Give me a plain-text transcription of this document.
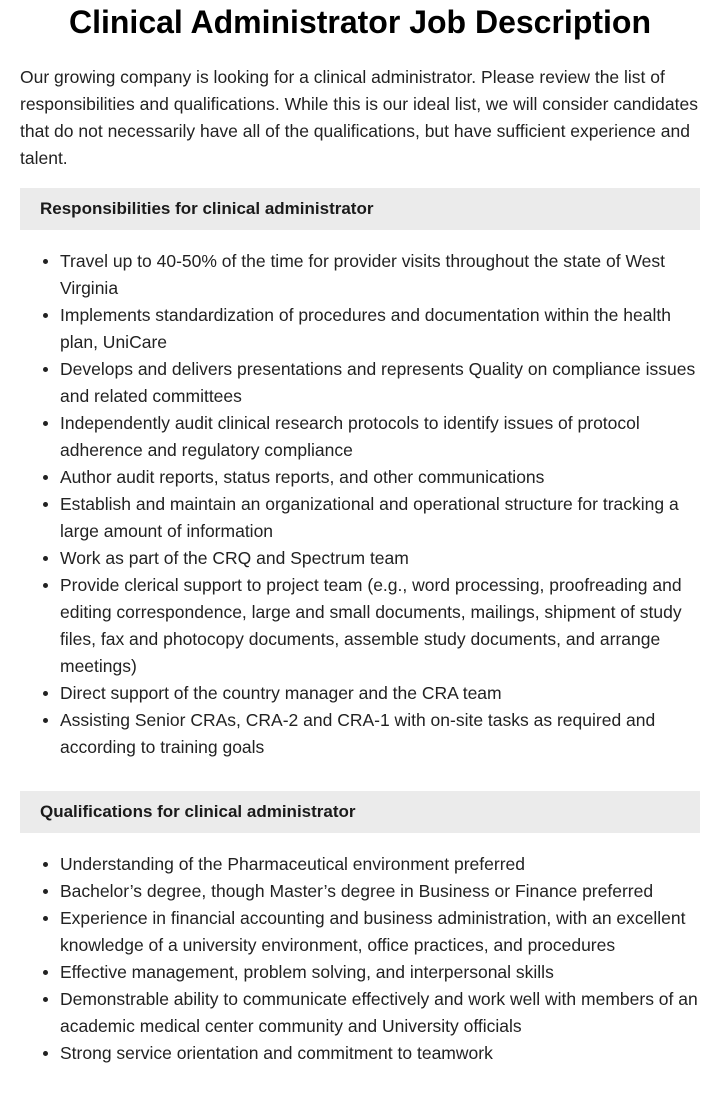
Clinical Administrator Job Description

Our growing company is looking for a clinical administrator. Please review the list of responsibilities and qualifications. While this is our ideal list, we will consider candidates that do not necessarily have all of the qualifications, but have sufficient experience and talent.

Responsibilities for clinical administrator
Travel up to 40-50% of the time for provider visits throughout the state of West Virginia
Implements standardization of procedures and documentation within the health plan, UniCare
Develops and delivers presentations and represents Quality on compliance issues and related committees
Independently audit clinical research protocols to identify issues of protocol adherence and regulatory compliance
Author audit reports, status reports, and other communications
Establish and maintain an organizational and operational structure for tracking a large amount of information
Work as part of the CRQ and Spectrum team
Provide clerical support to project team (e.g., word processing, proofreading and editing correspondence, large and small documents, mailings, shipment of study files, fax and photocopy documents, assemble study documents, and arrange meetings)
Direct support of the country manager and the CRA team
Assisting Senior CRAs, CRA-2 and CRA-1 with on-site tasks as required and according to training goals
Qualifications for clinical administrator
Understanding of the Pharmaceutical environment preferred
Bachelor’s degree, though Master’s degree in Business or Finance preferred
Experience in financial accounting and business administration, with an excellent knowledge of a university environment, office practices, and procedures
Effective management, problem solving, and interpersonal skills
Demonstrable ability to communicate effectively and work well with members of an academic medical center community and University officials
Strong service orientation and commitment to teamwork
